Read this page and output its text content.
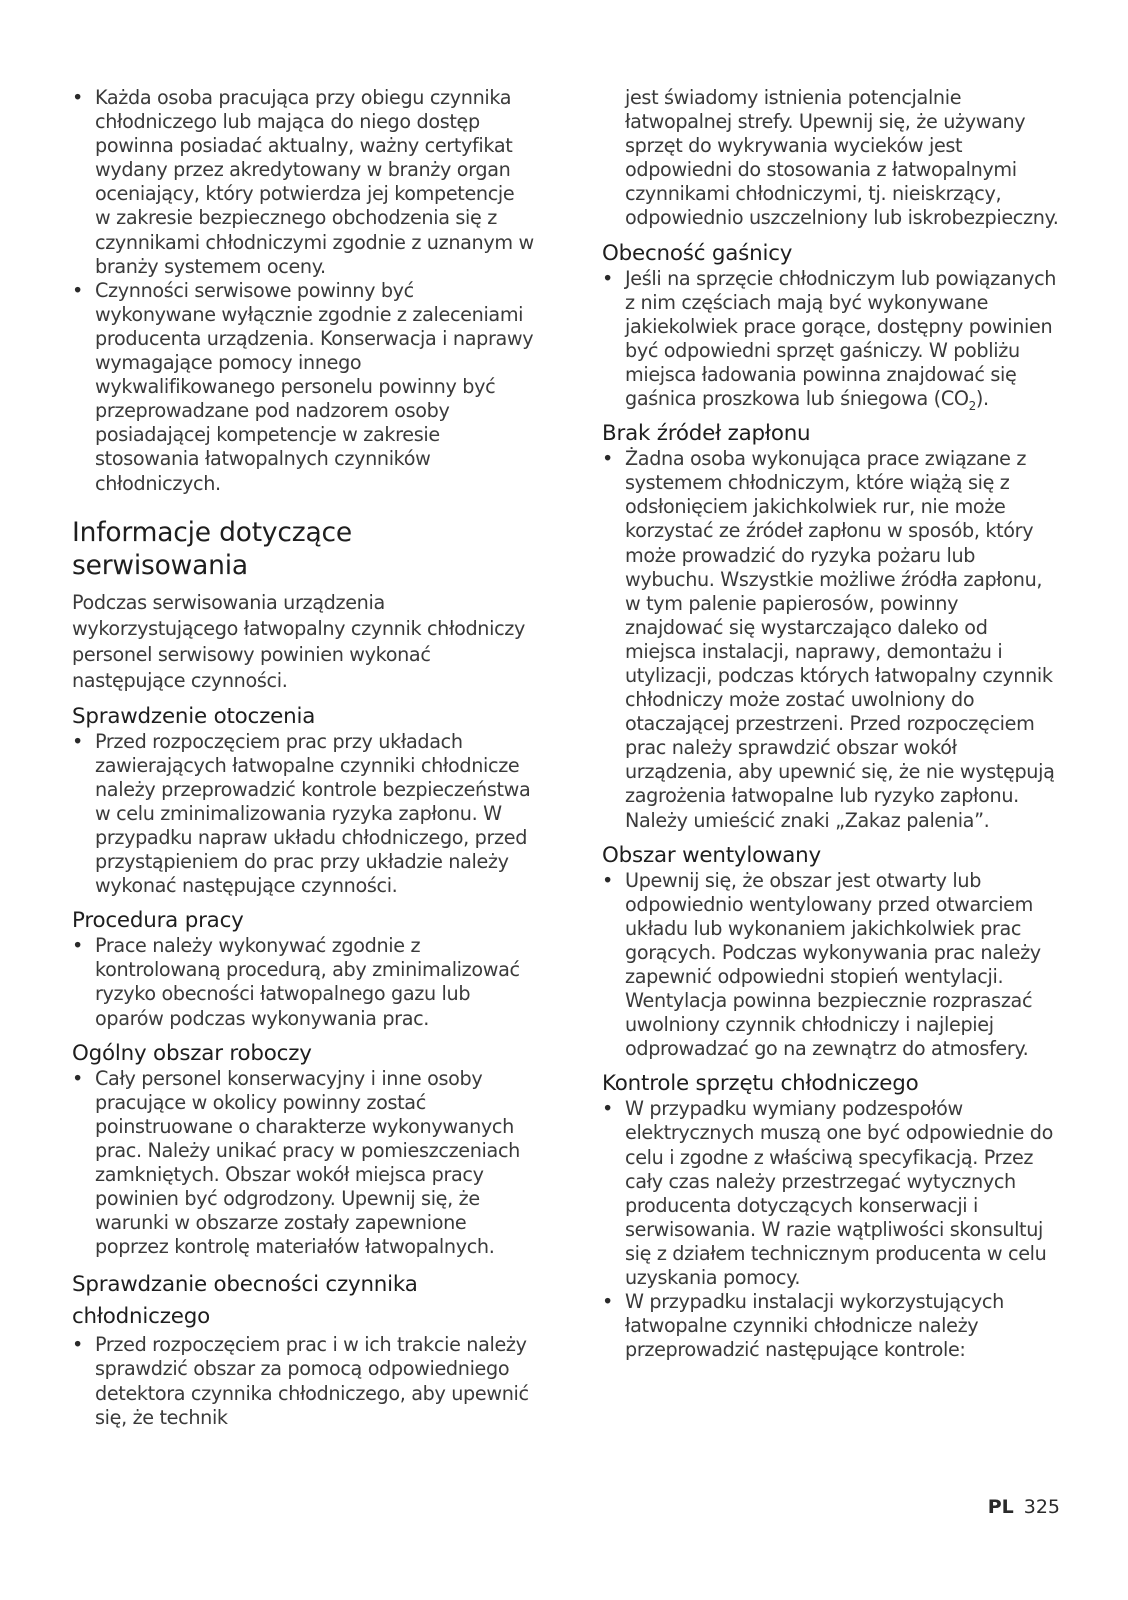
• Każda osoba pracująca przy obiegu czynnika chłodniczego lub mająca do niego dostęp powinna posiadać aktualny, ważny certyfikat wydany przez akredytowany w branży organ oceniający, który potwierdza jej kompetencje w zakresie bezpiecznego obchodzenia się z czynnikami chłodniczymi zgodnie z uznanym w branży systemem oceny.
• Czynności serwisowe powinny być wykonywane wyłącznie zgodnie z zaleceniami producenta urządzenia. Konserwacja i naprawy wymagające pomocy innego wykwalifikowanego personelu powinny być przeprowadzane pod nadzorem osoby posiadającej kompetencje w zakresie stosowania łatwopalnych czynników chłodniczych.
Informacje dotyczące serwisowania

Podczas serwisowania urządzenia wykorzystującego łatwopalny czynnik chłodniczy personel serwisowy powinien wykonać następujące czynności.

Sprawdzenie otoczenia
• Przed rozpoczęciem prac przy układach zawierających łatwopalne czynniki chłodnicze należy przeprowadzić kontrole bezpieczeństwa w celu zminimalizowania ryzyka zapłonu. W przypadku napraw układu chłodniczego, przed przystąpieniem do prac przy układzie należy wykonać następujące czynności.
Procedura pracy
• Prace należy wykonywać zgodnie z kontrolowaną procedurą, aby zminimalizować ryzyko obecności łatwopalnego gazu lub oparów podczas wykonywania prac.
Ogólny obszar roboczy
• Cały personel konserwacyjny i inne osoby pracujące w okolicy powinny zostać poinstruowane o charakterze wykonywanych prac. Należy unikać pracy w pomieszczeniach zamkniętych. Obszar wokół miejsca pracy powinien być odgrodzony. Upewnij się, że warunki w obszarze zostały zapewnione poprzez kontrolę materiałów łatwopalnych.
Sprawdzanie obecności czynnika chłodniczego
• Przed rozpoczęciem prac i w ich trakcie należy sprawdzić obszar za pomocą odpowiedniego detektora czynnika chłodniczego, aby upewnić się, że technik
jest świadomy istnienia potencjalnie łatwopalnej strefy. Upewnij się, że używany sprzęt do wykrywania wycieków jest odpowiedni do stosowania z łatwopalnymi czynnikami chłodniczymi, tj. nieiskrzący, odpowiednio uszczelniony lub iskrobezpieczny.
Obecność gaśnicy
• Jeśli na sprzęcie chłodniczym lub powiązanych z nim częściach mają być wykonywane jakiekolwiek prace gorące, dostępny powinien być odpowiedni sprzęt gaśniczy. W pobliżu miejsca ładowania powinna znajdować się gaśnica proszkowa lub śniegowa $(CO_2)$.
Brak źródeł zapłonu
• Żadna osoba wykonująca prace związane z systemem chłodniczym, które wiążą się z odsłonięciem jakichkolwiek rur, nie może korzystać ze źródeł zapłonu w sposób, który może prowadzić do ryzyka pożaru lub wybuchu. Wszystkie możliwe źródła zapłonu, w tym palenie papierosów, powinny znajdować się wystarczająco daleko od miejsca instalacji, naprawy, demontażu i utylizacji, podczas których łatwopalny czynnik chłodniczy może zostać uwolniony do otaczającej przestrzeni. Przed rozpoczęciem prac należy sprawdzić obszar wokół urządzenia, aby upewnić się, że nie występują zagrożenia łatwopalne lub ryzyko zapłonu. Należy umieścić znaki „Zakaz palenia”.
Obszar wentylowany
• Upewnij się, że obszar jest otwarty lub odpowiednio wentylowany przed otwarciem układu lub wykonaniem jakichkolwiek prac gorących. Podczas wykonywania prac należy zapewnić odpowiedni stopień wentylacji. Wentylacja powinna bezpiecznie rozpraszać uwolniony czynnik chłodniczy i najlepiej odprowadzać go na zewnątrz do atmosfery.
Kontrole sprzętu chłodniczego
• W przypadku wymiany podzespołów elektrycznych muszą one być odpowiednie do celu i zgodne z właściwą specyfikacją. Przez cały czas należy przestrzegać wytycznych producenta dotyczących konserwacji i serwisowania. W razie wątpliwości skonsultuj się z działem technicznym producenta w celu uzyskania pomocy.
• W przypadku instalacji wykorzystujących łatwopalne czynniki chłodnicze należy przeprowadzić następujące kontrole:
PL 325
